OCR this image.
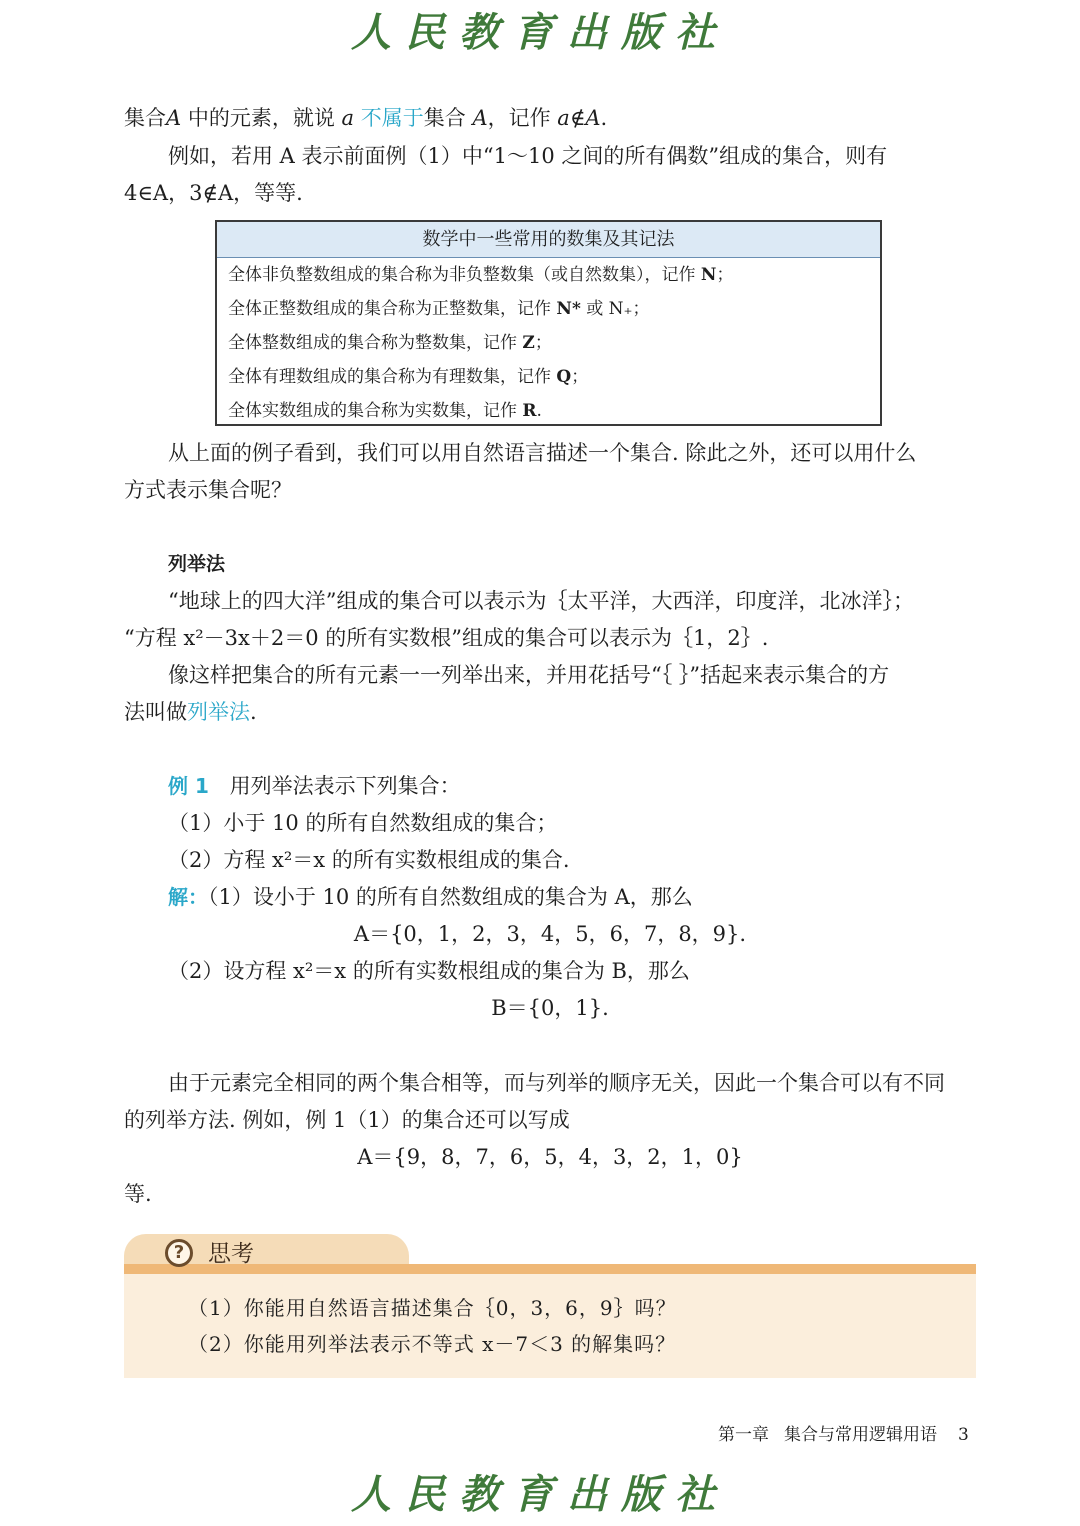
人民教育出版社
集合A 中的元素，就说 a 不属于集合 A，记作 a∉A.
例如，若用 A 表示前面例（1）中“1～10 之间的所有偶数”组成的集合，则有
4∈A，3∉A，等等.
数学中一些常用的数集及其记法
全体非负整数组成的集合称为非负整数集（或自然数集），记作 N；
全体正整数组成的集合称为正整数集，记作 N* 或 N₊；
全体整数组成的集合称为整数集，记作 Z；
全体有理数组成的集合称为有理数集，记作 Q；
全体实数组成的集合称为实数集，记作 R.
从上面的例子看到，我们可以用自然语言描述一个集合. 除此之外，还可以用什么
方式表示集合呢？
列举法
“地球上的四大洋”组成的集合可以表示为｛太平洋，大西洋，印度洋，北冰洋｝；
“方程 x²－3x＋2＝0 的所有实数根”组成的集合可以表示为｛1，2｝.
像这样把集合的所有元素一一列举出来，并用花括号“｛ ｝”括起来表示集合的方
法叫做列举法.
例 1 用列举法表示下列集合：
（1）小于 10 的所有自然数组成的集合；
（2）方程 x²＝x 的所有实数根组成的集合.
解：（1）设小于 10 的所有自然数组成的集合为 A，那么
A＝{0，1，2，3，4，5，6，7，8，9}.
（2）设方程 x²＝x 的所有实数根组成的集合为 B，那么
B＝{0，1}.
由于元素完全相同的两个集合相等，而与列举的顺序无关，因此一个集合可以有不同
的列举方法. 例如，例 1（1）的集合还可以写成
A＝{9，8，7，6，5，4，3，2，1，0}
等.
?	思考
（1）你能用自然语言描述集合｛0，3，6，9｝吗？
（2）你能用列举法表示不等式 x－7＜3 的解集吗？
第一章 集合与常用逻辑用语 3
人民教育出版社
